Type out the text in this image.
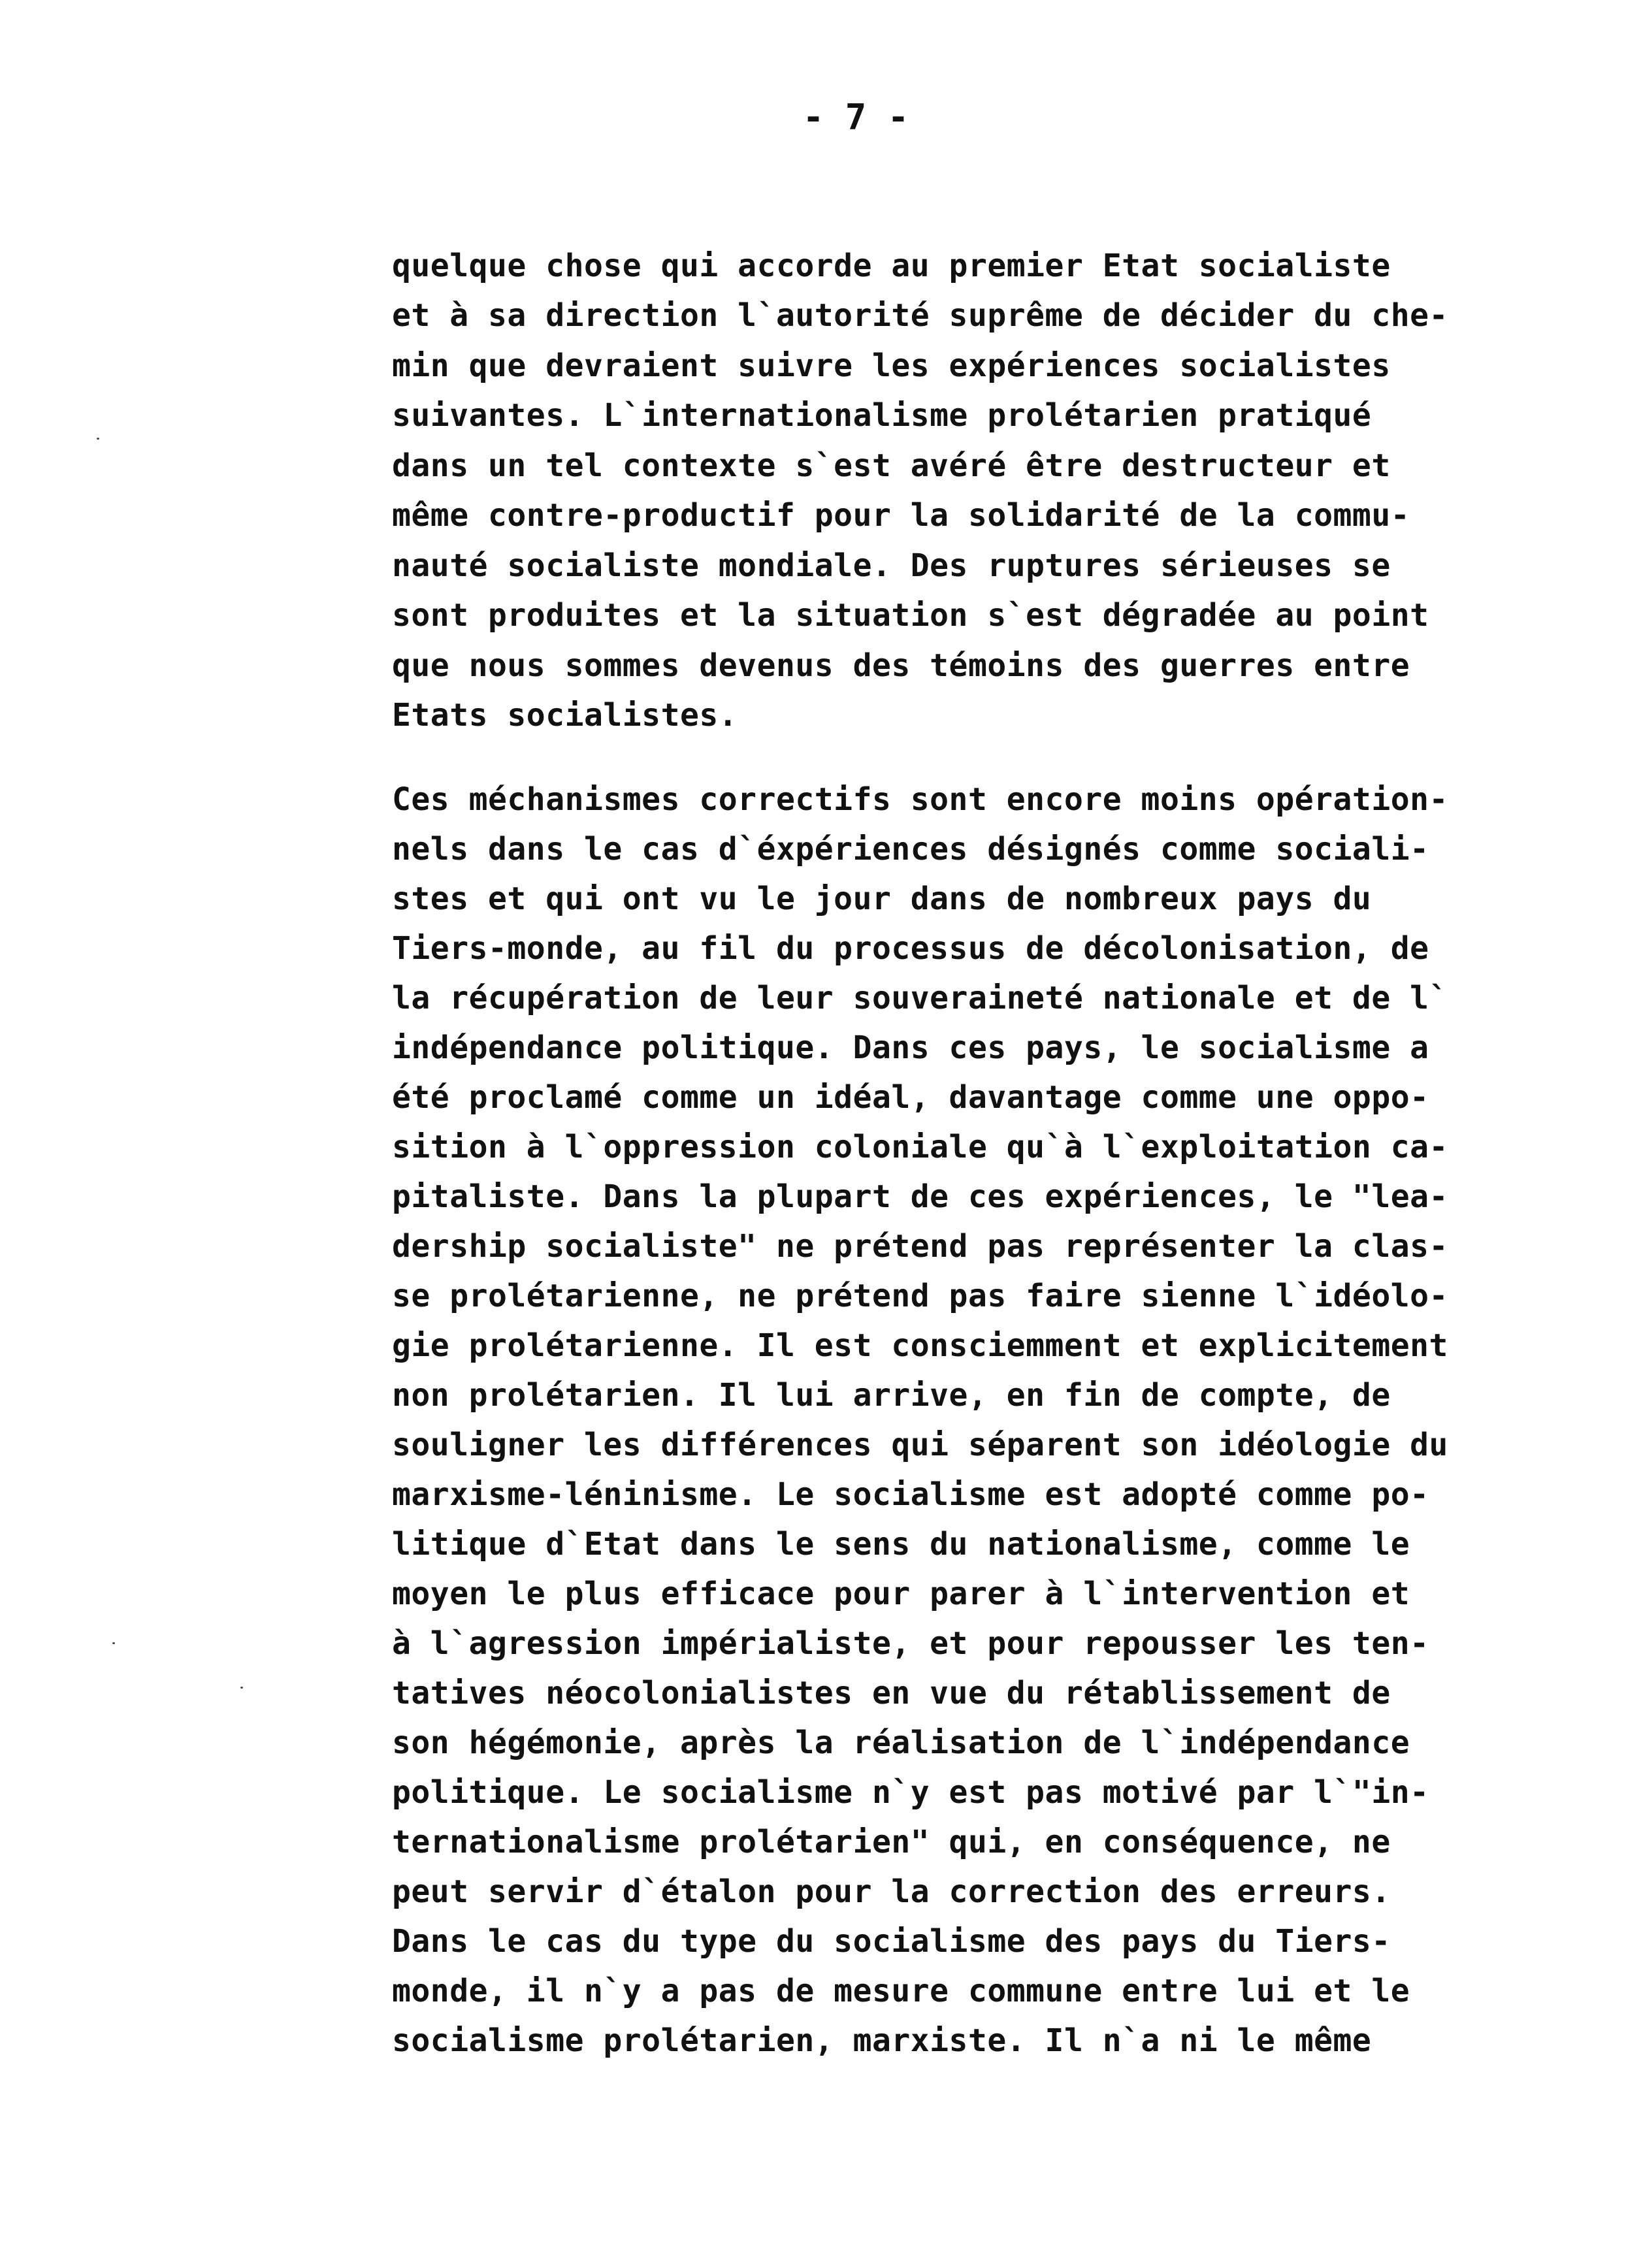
- 7 -
quelque chose qui accorde au premier Etat socialiste
et à sa direction l`autorité suprême de décider du che-
min que devraient suivre les expériences socialistes
suivantes. L`internationalisme prolétarien pratiqué
dans un tel contexte s`est avéré être destructeur et
même contre-productif pour la solidarité de la commu-
nauté socialiste mondiale. Des ruptures sérieuses se
sont produites et la situation s`est dégradée au point
que nous sommes devenus des témoins des guerres entre
Etats socialistes.
Ces méchanismes correctifs sont encore moins opération-
nels dans le cas d`éxpériences désignés comme sociali-
stes et qui ont vu le jour dans de nombreux pays du
Tiers-monde, au fil du processus de décolonisation, de
la récupération de leur souveraineté nationale et de l`
indépendance politique. Dans ces pays, le socialisme a
été proclamé comme un idéal, davantage comme une oppo-
sition à l`oppression coloniale qu`à l`exploitation ca-
pitaliste. Dans la plupart de ces expériences, le "lea-
dership socialiste" ne prétend pas représenter la clas-
se prolétarienne, ne prétend pas faire sienne l`idéolo-
gie prolétarienne. Il est consciemment et explicitement
non prolétarien. Il lui arrive, en fin de compte, de
souligner les différences qui séparent son idéologie du
marxisme-léninisme. Le socialisme est adopté comme po-
litique d`Etat dans le sens du nationalisme, comme le
moyen le plus efficace pour parer à l`intervention et
à l`agression impérialiste, et pour repousser les ten-
tatives néocolonialistes en vue du rétablissement de
son hégémonie, après la réalisation de l`indépendance
politique. Le socialisme n`y est pas motivé par l`"in-
ternationalisme prolétarien" qui, en conséquence, ne
peut servir d`étalon pour la correction des erreurs.
Dans le cas du type du socialisme des pays du Tiers-
monde, il n`y a pas de mesure commune entre lui et le
socialisme prolétarien, marxiste. Il n`a ni le même
